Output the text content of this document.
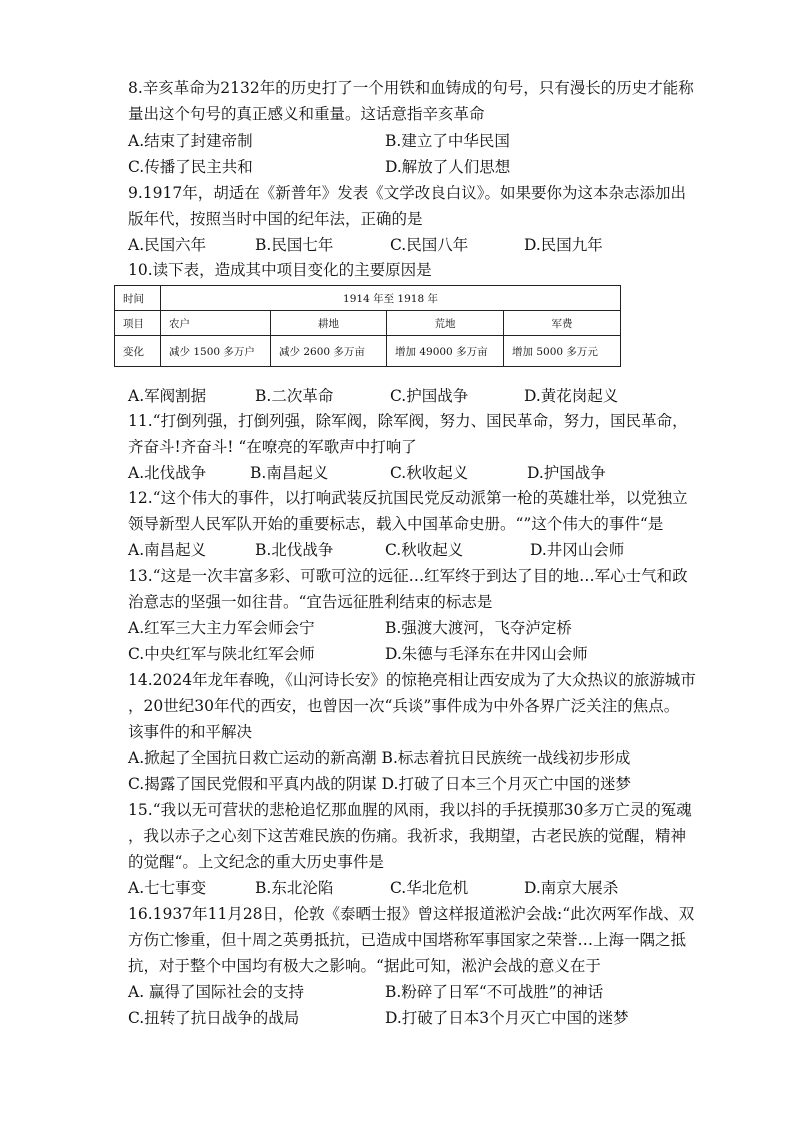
8.辛亥革命为2132年的历史打了一个用铁和血铸成的句号，只有漫长的历史才能称
量出这个句号的真正感义和重量。这话意指辛亥革命
A.结束了封建帝制	B.建立了中华民国
C.传播了民主共和	D.解放了人们思想
9.1917年，胡适在《新普年》发表《文学改良白议》。如果要你为这本杂志添加出
版年代，按照当时中国的纪年法，正确的是
A.民国六年	B.民国七年	C.民国八年	D.民国九年
10.读下表，造成其中项目变化的主要原因是
时间	1914 年至 1918 年			
项目	农户	耕地	荒地	军费
变化	减少 1500 多万户	减少 2600 多万亩	增加 49000 多万亩	增加 5000 多万元
A.军阀割据	B.二次革命	C.护国战争	D.黄花岗起义
11.“打倒列强，打倒列强，除军阀，除军阀，努力、国民革命，努力，国民革命，
齐奋斗!齐奋斗! “在嘹亮的军歌声中打响了
A.北伐战争	B.南昌起义	C.秋收起义	D.护国战争
12.“这个伟大的事件，以打响武装反抗国民党反动派第一枪的英雄壮举，以党独立
领导新型人民军队开始的重要标志，载入中国革命史册。“”这个伟大的事件“是
A.南昌起义	B.北伐战争	C.秋收起义	D.井冈山会师
13.“这是一次丰富多彩、可歌可泣的远征…红军终于到达了目的地…军心士气和政
治意志的坚强一如往昔。“宜告远征胜利结束的标志是
A.红军三大主力军会师会宁	B.强渡大渡河，飞夺泸定桥
C.中央红军与陕北红军会师	D.朱德与毛泽东在井冈山会师
14.2024年龙年春晚，《山河诗长安》的惊艳亮相让西安成为了大众热议的旅游城市
，20世纪30年代的西安，也曾因一次“兵谈”事件成为中外各界广泛关注的焦点。
该事件的和平解决
A.掀起了全国抗日救亡运动的新高潮 B.标志着抗日民族统一战线初步形成
C.揭露了国民党假和平真内战的阴谋 D.打破了日本三个月灭亡中国的迷梦
15.“我以无可营状的悲枪追忆那血腥的风雨，我以抖的手抚摸那30多万亡灵的冤魂
，我以赤子之心刻下这苦难民族的伤痛。我祈求，我期望，古老民族的觉醒，精神
的觉醒“。上文纪念的重大历史事件是
A.七七事变	B.东北沦陷	C.华北危机	D.南京大展杀
16.1937年11月28日，伦敦《泰晒士报》曾这样报道淞沪会战:“此次两军作战、双
方伤亡惨重，但十周之英勇抵抗，已造成中国塔称军事国家之荣誉…上海一隅之抵
抗，对于整个中国均有极大之影响。“据此可知，淞沪会战的意义在于
A. 赢得了国际社会的支持	B.粉碎了日军“不可战胜”的神话
C.扭转了抗日战争的战局	D.打破了日本3个月灭亡中国的迷梦
